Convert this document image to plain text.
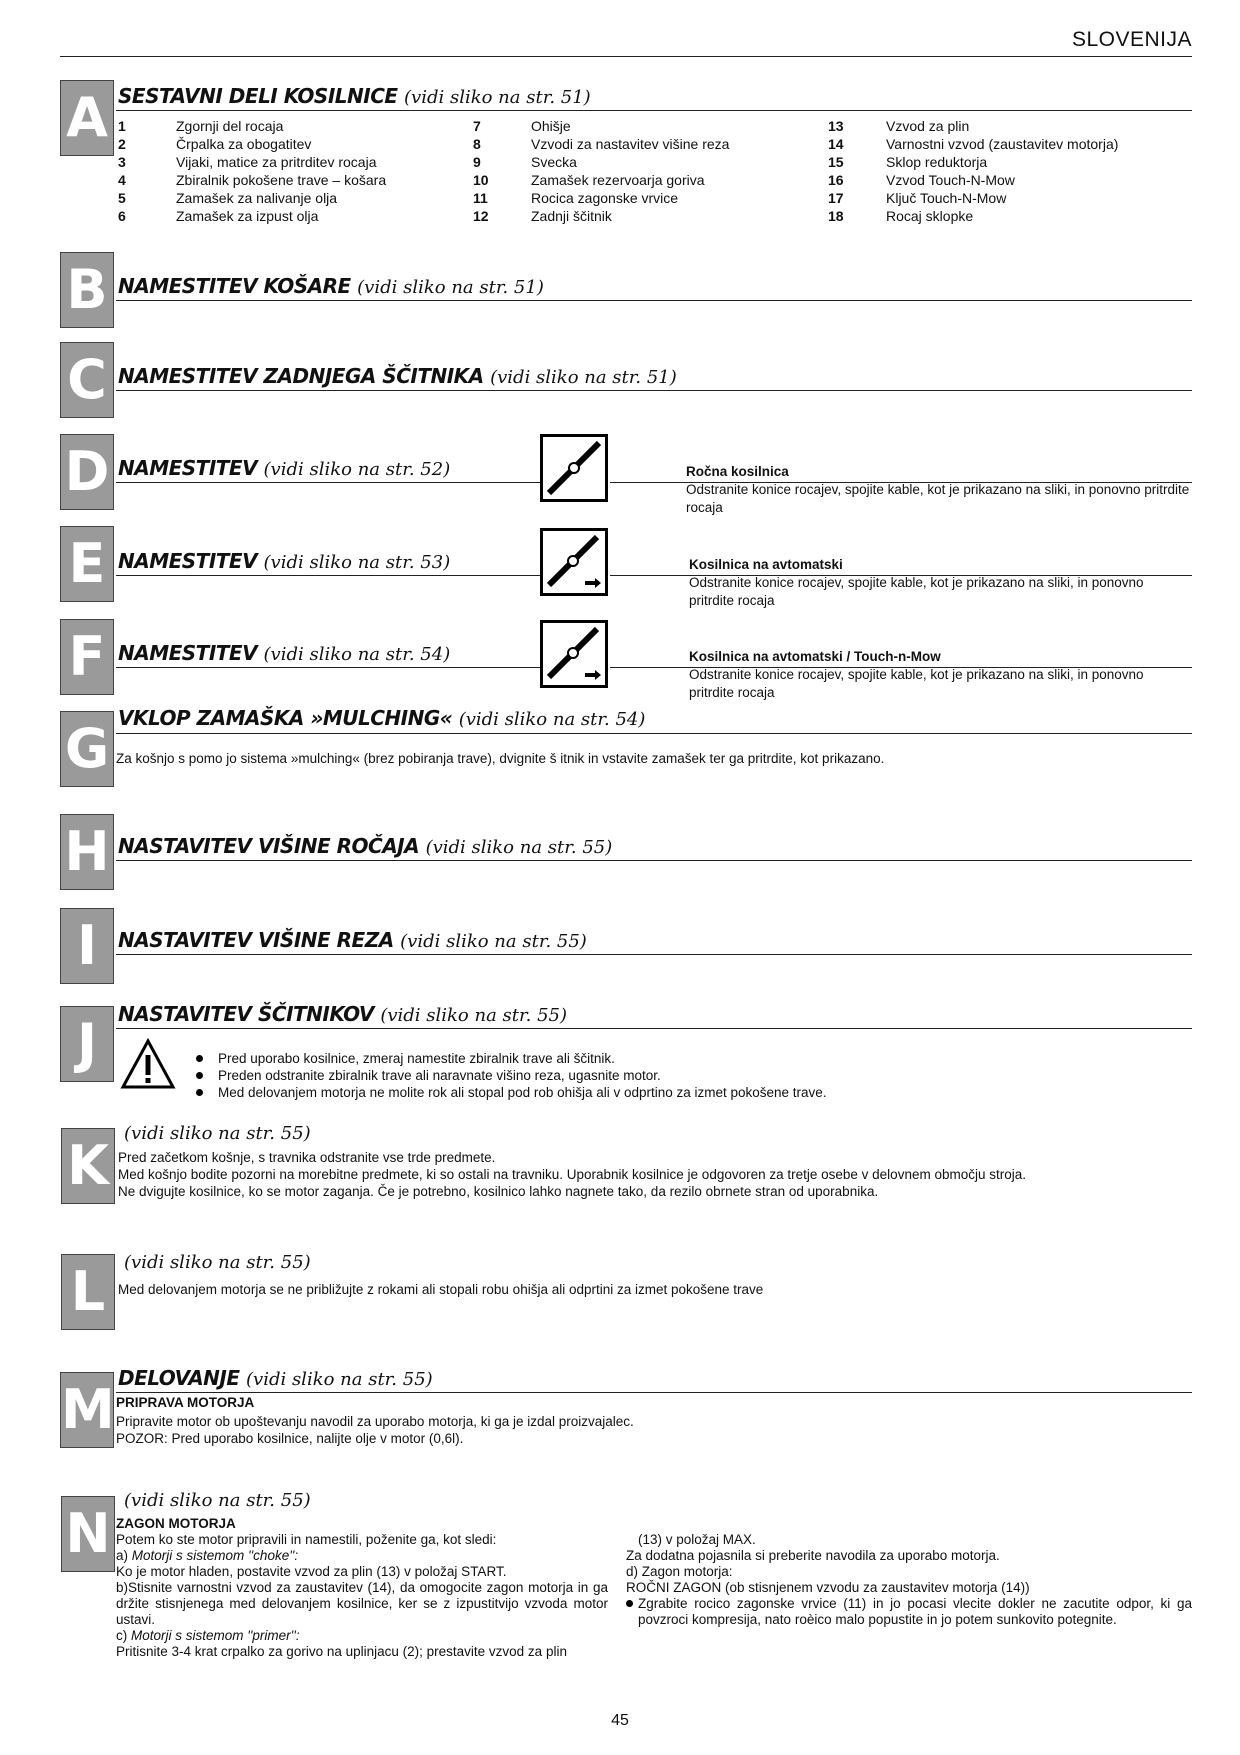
SLOVENIJA
A SESTAVNI DELI KOSILNICE (vidi sliko na str. 51)
1	Zgornji del rocaja
2	Črpalka za obogatitev
3	Vijaki, matice za pritrditev rocaja
4	Zbiralnik pokošene trave – košara
5	Zamašek za nalivanje olja
6	Zamašek za izpust olja
7	Ohišje
8	Vzvodi za nastavitev višine reza
9	Svecka
10	Zamašek rezervoarja goriva
11	Rocica zagonske vrvice
12	Zadnji ščitnik
13	Vzvod za plin
14	Varnostni vzvod (zaustavitev motorja)
15	Sklop reduktorja
16	Vzvod Touch-N-Mow
17	Ključ Touch-N-Mow
18	Rocaj sklopke
B NAMESTITEV KOŠARE (vidi sliko na str. 51)
C NAMESTITEV ZADNJEGA ŠČITNIKA (vidi sliko na str. 51)
D NAMESTITEV (vidi sliko na str. 52)	Ročna kosilnica
Odstranite konice rocajev, spojite kable, kot je prikazano na sliki, in ponovno pritrdite rocaja
E NAMESTITEV (vidi sliko na str. 53)	Kosilnica na avtomatski
Odstranite konice rocajev, spojite kable, kot je prikazano na sliki, in ponovno pritrdite rocaja
F NAMESTITEV (vidi sliko na str. 54)	Kosilnica na avtomatski / Touch-n-Mow
Odstranite konice rocajev, spojite kable, kot je prikazano na sliki, in ponovno pritrdite rocaja
G VKLOP ZAMAŠKA »MULCHING« (vidi sliko na str. 54)
Za košnjo s pomo jo sistema »mulching« (brez pobiranja trave), dvignite š itnik in vstavite zamašek ter ga pritrdite, kot prikazano.
H NASTAVITEV VIŠINE ROČAJA (vidi sliko na str. 55)
I	NASTAVITEV VIŠINE REZA (vidi sliko na str. 55)
J	NASTAVITEV ŠČITNIKOV (vidi sliko na str. 55)
Pred uporabo kosilnice, zmeraj namestite zbiralnik trave ali ščitnik.
Preden odstranite zbiralnik trave ali naravnate višino reza, ugasnite motor.
Med delovanjem motorja ne molite rok ali stopal pod rob ohišja ali v odprtino za izmet pokošene trave.
K
(vidi sliko na str. 55)
Pred začetkom košnje, s travnika odstranite vse trde predmete.
Med košnjo bodite pozorni na morebitne predmete, ki so ostali na travniku. Uporabnik kosilnice je odgovoren za tretje osebe v delovnem območju stroja.
Ne dvigujte kosilnice, ko se motor zaganja. Če je potrebno, kosilnico lahko nagnete tako, da rezilo obrnete stran od uporabnika.
L	(vidi sliko na str. 55)
Med delovanjem motorja se ne približujte z rokami ali stopali robu ohišja ali odprtini za izmet pokošene trave
M DELOVANJE (vidi sliko na str. 55)
PRIPRAVA MOTORJA
Pripravite motor ob upoštevanju navodil za uporabo motorja, ki ga je izdal proizvajalec.
POZOR: Pred uporabo kosilnice, nalijte olje v motor (0,6l).
N
(vidi sliko na str. 55)
ZAGON MOTORJA
Potem ko ste motor pripravili in namestili, poženite ga, kot sledi:
a) Motorji s sistemom ''choke'':
Ko je motor hladen, postavite vzvod za plin (13) v položaj START.
b)Stisnite varnostni vzvod za zaustavitev (14), da omogocite zagon motorja in ga držite stisnjenega med delovanjem kosilnice, ker se z izpustitvijo vzvoda motor ustavi.
c) Motorji s sistemom ''primer'':
Pritisnite 3-4 krat crpalko za gorivo na uplinjacu (2); prestavite vzvod za plin
(13) v položaj MAX.
Za dodatna pojasnila si preberite navodila za uporabo motorja.
d) Zagon motorja:
ROČNI ZAGON (ob stisnjenem vzvodu za zaustavitev motorja (14))
Zgrabite rocico zagonske vrvice (11) in jo pocasi vlecite dokler ne zacutite odpor, ki ga povzroci kompresija, nato roèico malo popustite in jo potem sunkovito potegnite.
45
